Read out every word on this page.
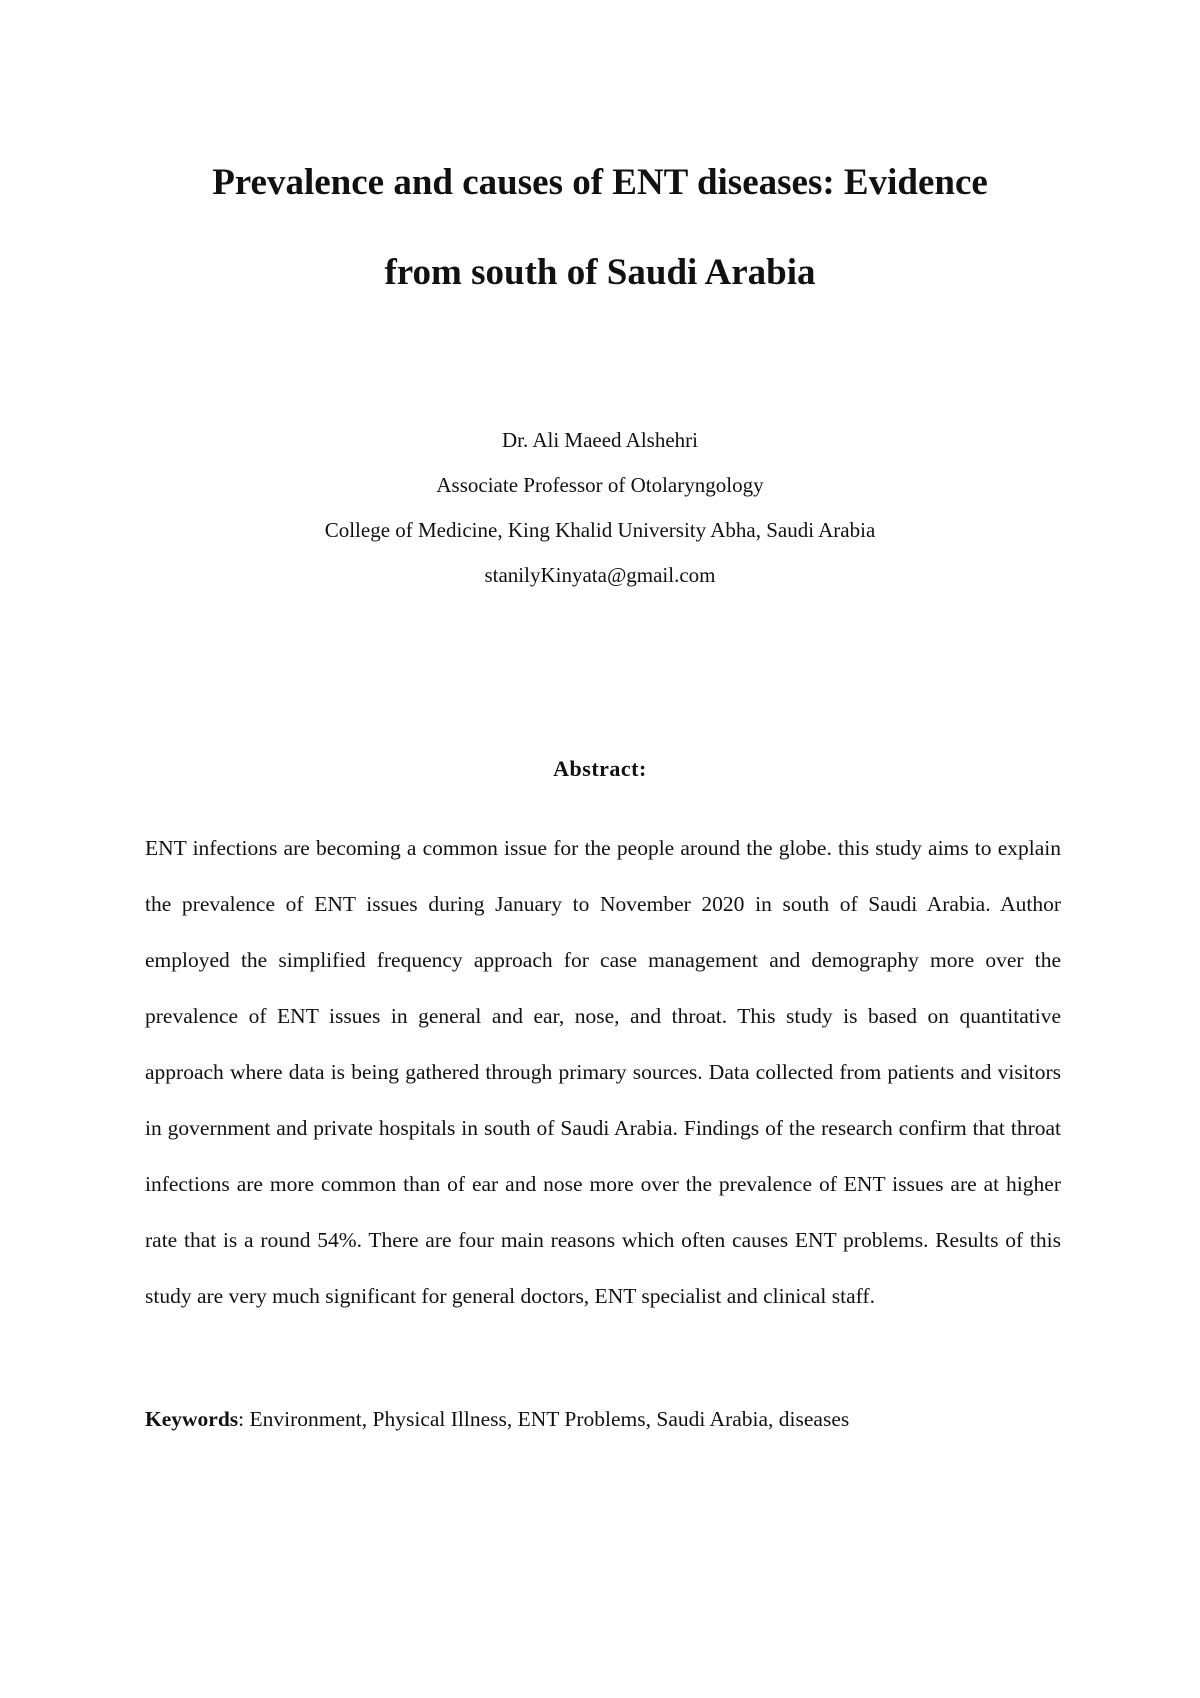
Prevalence and causes of ENT diseases: Evidence
from south of Saudi Arabia
Dr. Ali Maeed Alshehri
Associate Professor of Otolaryngology
College of Medicine, King Khalid University Abha, Saudi Arabia
stanilyKinyata@gmail.com
Abstract:

ENT infections are becoming a common issue for the people around the globe. this study aims to explain the prevalence of ENT issues during January to November 2020 in south of Saudi Arabia. Author employed the simplified frequency approach for case management and demography more over the prevalence of ENT issues in general and ear, nose, and throat. This study is based on quantitative approach where data is being gathered through primary sources. Data collected from patients and visitors in government and private hospitals in south of Saudi Arabia. Findings of the research confirm that throat infections are more common than of ear and nose more over the prevalence of ENT issues are at higher rate that is a round 54%. There are four main reasons which often causes ENT problems. Results of this study are very much significant for general doctors, ENT specialist and clinical staff.

Keywords: Environment, Physical Illness, ENT Problems, Saudi Arabia, diseases
